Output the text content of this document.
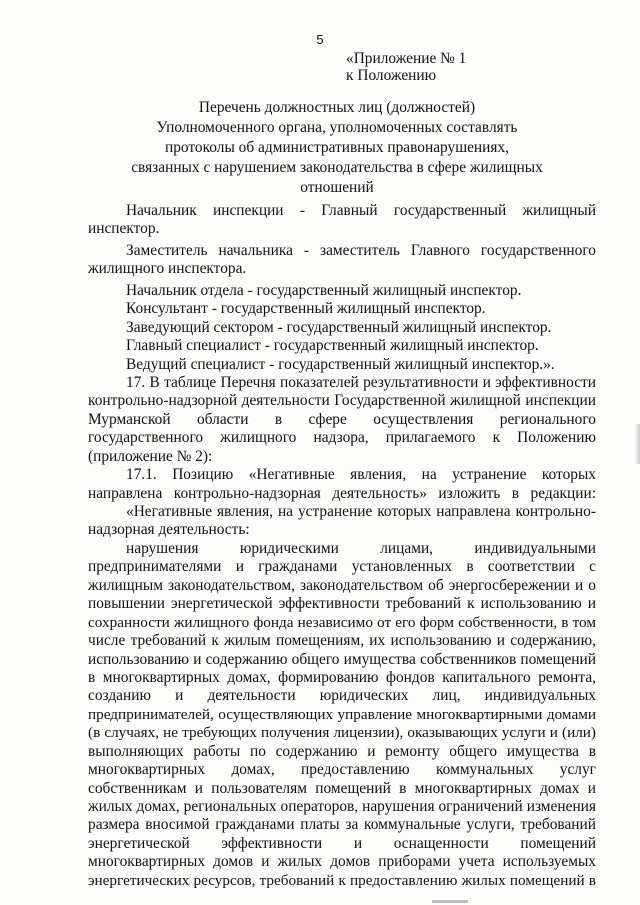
5
«Приложение № 1
к Положению
Перечень должностных лиц (должностей)
Уполномоченного органа, уполномоченных составлять
протоколы об административных правонарушениях,
связанных с нарушением законодательства в сфере жилищных
отношений
Начальник инспекции - Главный государственный жилищный
инспектор.
Заместитель начальника - заместитель Главного государственного
жилищного инспектора.
Начальник отдела - государственный жилищный инспектор.
Консультант - государственный жилищный инспектор.
Заведующий сектором - государственный жилищный инспектор.
Главный специалист - государственный жилищный инспектор.
Ведущий специалист - государственный жилищный инспектор.».
17. В таблице Перечня показателей результативности и эффективности
контрольно-надзорной деятельности Государственной жилищной инспекции
Мурманской области в сфере осуществления регионального
государственного жилищного надзора, прилагаемого к Положению
(приложение № 2):
17.1. Позицию «Негативные явления, на устранение которых
направлена контрольно-надзорная деятельность» изложить в редакции:
«Негативные явления, на устранение которых направлена контрольно-
надзорная деятельность:
нарушения юридическими лицами, индивидуальными
предпринимателями и гражданами установленных в соответствии с
жилищным законодательством, законодательством об энергосбережении и о
повышении энергетической эффективности требований к использованию и
сохранности жилищного фонда независимо от его форм собственности, в том
числе требований к жилым помещениям, их использованию и содержанию,
использованию и содержанию общего имущества собственников помещений
в многоквартирных домах, формированию фондов капитального ремонта,
созданию и деятельности юридических лиц, индивидуальных
предпринимателей, осуществляющих управление многоквартирными домами
(в случаях, не требующих получения лицензии), оказывающих услуги и (или)
выполняющих работы по содержанию и ремонту общего имущества в
многоквартирных домах, предоставлению коммунальных услуг
собственникам и пользователям помещений в многоквартирных домах и
жилых домах, региональных операторов, нарушения ограничений изменения
размера вносимой гражданами платы за коммунальные услуги, требований
энергетической эффективности и оснащенности помещений
многоквартирных домов и жилых домов приборами учета используемых
энергетических ресурсов, требований к предоставлению жилых помещений в
